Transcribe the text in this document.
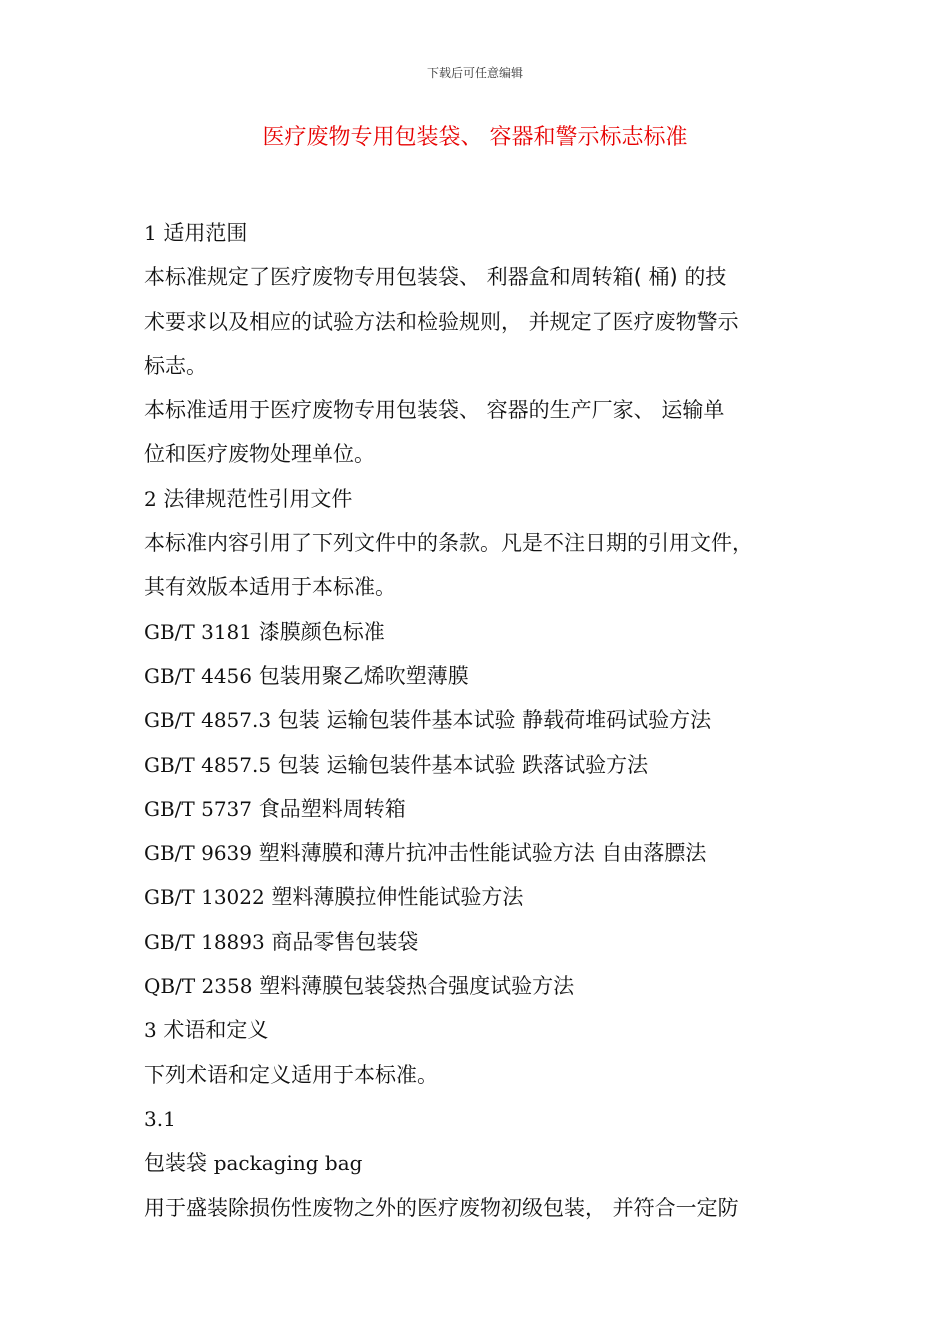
下载后可任意编辑
医疗废物专用包装袋、 容器和警示标志标准
1 适用范围
本标准规定了医疗废物专用包装袋、 利器盒和周转箱( 桶) 的技
术要求以及相应的试验方法和检验规则， 并规定了医疗废物警示
标志。
本标准适用于医疗废物专用包装袋、 容器的生产厂家、 运输单
位和医疗废物处理单位。
2 法律规范性引用文件
本标准内容引用了下列文件中的条款。凡是不注日期的引用文件，
其有效版本适用于本标准。
GB/T 3181 漆膜颜色标准
GB/T 4456 包装用聚乙烯吹塑薄膜
GB/T 4857.3 包装 运输包装件基本试验 静载荷堆码试验方法
GB/T 4857.5 包装 运输包装件基本试验 跌落试验方法
GB/T 5737 食品塑料周转箱
GB/T 9639 塑料薄膜和薄片抗冲击性能试验方法 自由落膘法
GB/T 13022 塑料薄膜拉伸性能试验方法
GB/T 18893 商品零售包装袋
QB/T 2358 塑料薄膜包装袋热合强度试验方法
3 术语和定义
下列术语和定义适用于本标准。
3.1
包装袋 packaging bag
用于盛装除损伤性废物之外的医疗废物初级包装， 并符合一定防
